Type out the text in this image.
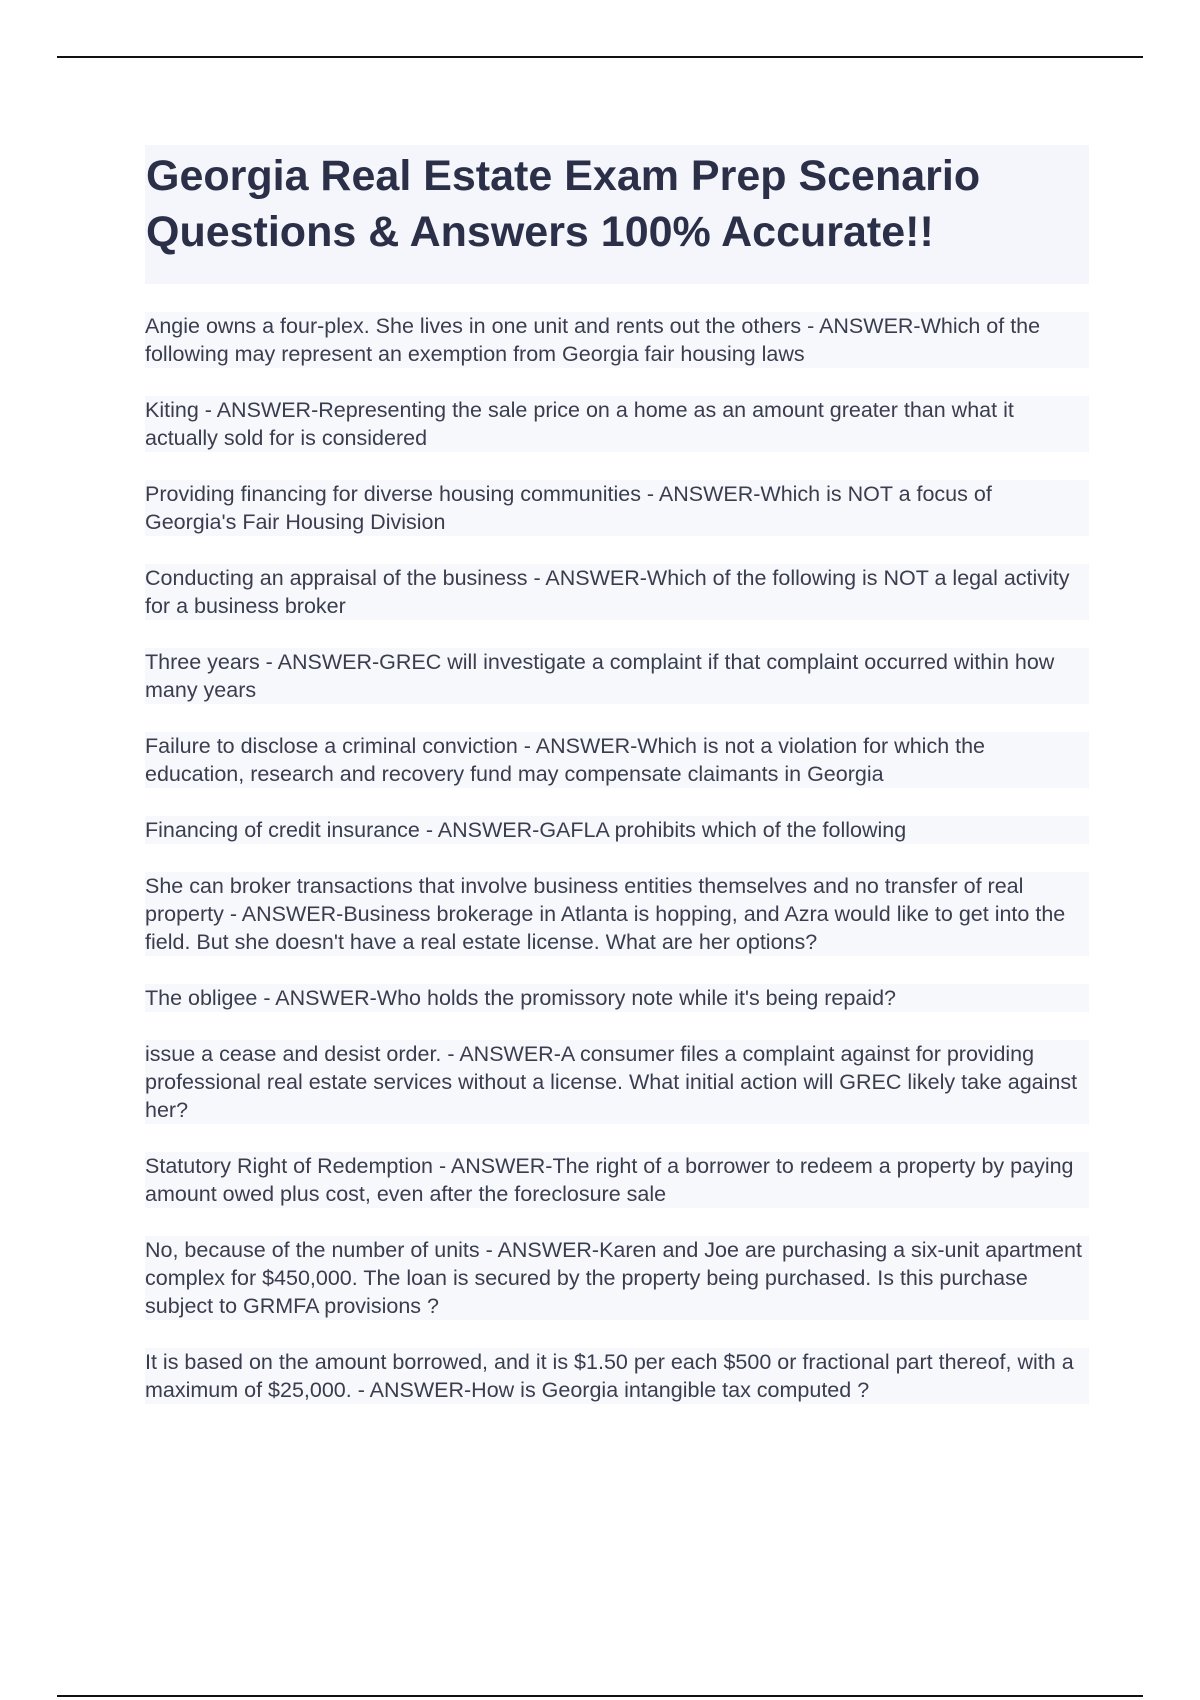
Georgia Real Estate Exam Prep Scenario Questions & Answers 100% Accurate!!

Angie owns a four-plex. She lives in one unit and rents out the others - ANSWER-Which of the following may represent an exemption from Georgia fair housing laws

Kiting - ANSWER-Representing the sale price on a home as an amount greater than what it actually sold for is considered

Providing financing for diverse housing communities - ANSWER-Which is NOT a focus of Georgia's Fair Housing Division

Conducting an appraisal of the business - ANSWER-Which of the following is NOT a legal activity for a business broker

Three years - ANSWER-GREC will investigate a complaint if that complaint occurred within how many years

Failure to disclose a criminal conviction - ANSWER-Which is not a violation for which the education, research and recovery fund may compensate claimants in Georgia

Financing of credit insurance - ANSWER-GAFLA prohibits which of the following

She can broker transactions that involve business entities themselves and no transfer of real property - ANSWER-Business brokerage in Atlanta is hopping, and Azra would like to get into the field. But she doesn't have a real estate license. What are her options?

The obligee - ANSWER-Who holds the promissory note while it's being repaid?

issue a cease and desist order. - ANSWER-A consumer files a complaint against for providing professional real estate services without a license. What initial action will GREC likely take against her?

Statutory Right of Redemption - ANSWER-The right of a borrower to redeem a property by paying amount owed plus cost, even after the foreclosure sale

No, because of the number of units - ANSWER-Karen and Joe are purchasing a six-unit apartment complex for $450,000. The loan is secured by the property being purchased. Is this purchase subject to GRMFA provisions ?

It is based on the amount borrowed, and it is $1.50 per each $500 or fractional part thereof, with a maximum of $25,000. - ANSWER-How is Georgia intangible tax computed ?
